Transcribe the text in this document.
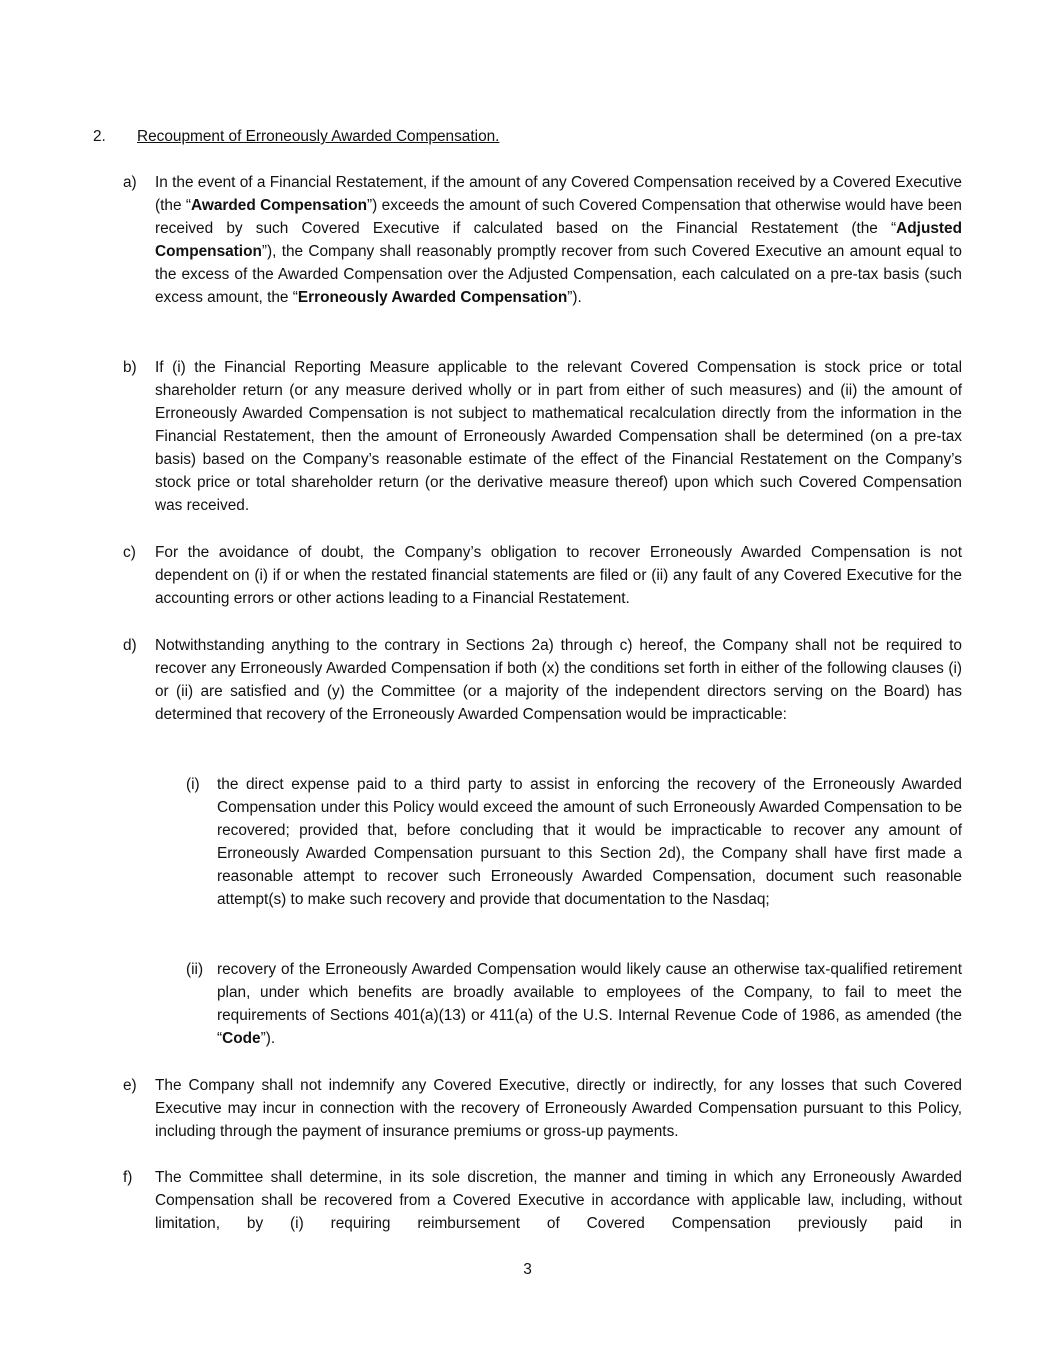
2. Recoupment of Erroneously Awarded Compensation.
a) In the event of a Financial Restatement, if the amount of any Covered Compensation received by a Covered Executive (the “Awarded Compensation”) exceeds the amount of such Covered Compensation that otherwise would have been received by such Covered Executive if calculated based on the Financial Restatement (the “Adjusted Compensation”), the Company shall reasonably promptly recover from such Covered Executive an amount equal to the excess of the Awarded Compensation over the Adjusted Compensation, each calculated on a pre-tax basis (such excess amount, the “Erroneously Awarded Compensation”).
b) If (i) the Financial Reporting Measure applicable to the relevant Covered Compensation is stock price or total shareholder return (or any measure derived wholly or in part from either of such measures) and (ii) the amount of Erroneously Awarded Compensation is not subject to mathematical recalculation directly from the information in the Financial Restatement, then the amount of Erroneously Awarded Compensation shall be determined (on a pre-tax basis) based on the Company’s reasonable estimate of the effect of the Financial Restatement on the Company’s stock price or total shareholder return (or the derivative measure thereof) upon which such Covered Compensation was received.
c) For the avoidance of doubt, the Company’s obligation to recover Erroneously Awarded Compensation is not dependent on (i) if or when the restated financial statements are filed or (ii) any fault of any Covered Executive for the accounting errors or other actions leading to a Financial Restatement.
d) Notwithstanding anything to the contrary in Sections 2a) through c) hereof, the Company shall not be required to recover any Erroneously Awarded Compensation if both (x) the conditions set forth in either of the following clauses (i) or (ii) are satisfied and (y) the Committee (or a majority of the independent directors serving on the Board) has determined that recovery of the Erroneously Awarded Compensation would be impracticable:
(i) the direct expense paid to a third party to assist in enforcing the recovery of the Erroneously Awarded Compensation under this Policy would exceed the amount of such Erroneously Awarded Compensation to be recovered; provided that, before concluding that it would be impracticable to recover any amount of Erroneously Awarded Compensation pursuant to this Section 2d), the Company shall have first made a reasonable attempt to recover such Erroneously Awarded Compensation, document such reasonable attempt(s) to make such recovery and provide that documentation to the Nasdaq;
(ii) recovery of the Erroneously Awarded Compensation would likely cause an otherwise tax-qualified retirement plan, under which benefits are broadly available to employees of the Company, to fail to meet the requirements of Sections 401(a)(13) or 411(a) of the U.S. Internal Revenue Code of 1986, as amended (the “Code”).
e) The Company shall not indemnify any Covered Executive, directly or indirectly, for any losses that such Covered Executive may incur in connection with the recovery of Erroneously Awarded Compensation pursuant to this Policy, including through the payment of insurance premiums or gross-up payments.
f) The Committee shall determine, in its sole discretion, the manner and timing in which any Erroneously Awarded Compensation shall be recovered from a Covered Executive in accordance with applicable law, including, without limitation, by (i) requiring reimbursement of Covered Compensation previously paid in
3
